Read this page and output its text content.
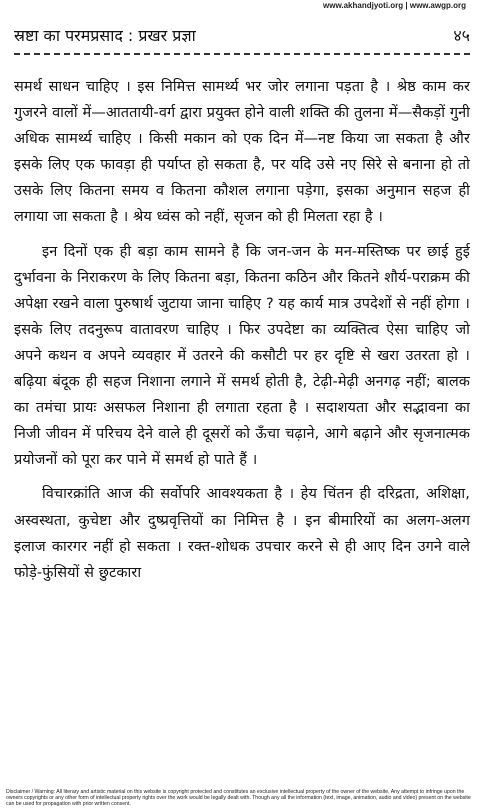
www.akhandjyoti.org | www.awgp.org
स्रष्टा का परमप्रसाद : प्रखर प्रज्ञा	४५

समर्थ साधन चाहिए । इस निमित्त सामर्थ्य भर जोर लगाना पड़ता है । श्रेष्ठ काम कर गुजरने वालों में—आततायी-वर्ग द्वारा प्रयुक्त होने वाली शक्ति की तुलना में—सैकड़ों गुनी अधिक सामर्थ्य चाहिए । किसी मकान को एक दिन में—नष्ट किया जा सकता है और इसके लिए एक फावड़ा ही पर्याप्त हो सकता है, पर यदि उसे नए सिरे से बनाना हो तो उसके लिए कितना समय व कितना कौशल लगाना पड़ेगा, इसका अनुमान सहज ही लगाया जा सकता है । श्रेय ध्वंस को नहीं, सृजन को ही मिलता रहा है ।

इन दिनों एक ही बड़ा काम सामने है कि जन-जन के मन-मस्तिष्क पर छाई हुई दुर्भावना के निराकरण के लिए कितना बड़ा, कितना कठिन और कितने शौर्य-पराक्रम की अपेक्षा रखने वाला पुरुषार्थ जुटाया जाना चाहिए ? यह कार्य मात्र उपदेशों से नहीं होगा । इसके लिए तदनुरूप वातावरण चाहिए । फिर उपदेष्टा का व्यक्तित्व ऐसा चाहिए जो अपने कथन व अपने व्यवहार में उतरने की कसौटी पर हर दृष्टि से खरा उतरता हो । बढ़िया बंदूक ही सहज निशाना लगाने में समर्थ होती है, टेढ़ी-मेढ़ी अनगढ़ नहीं; बालक का तमंचा प्रायः असफल निशाना ही लगाता रहता है । सदाशयता और सद्भावना का निजी जीवन में परिचय देने वाले ही दूसरों को ऊँचा चढ़ाने, आगे बढ़ाने और सृजनात्मक प्रयोजनों को पूरा कर पाने में समर्थ हो पाते हैं ।

विचारक्रांति आज की सर्वोपरि आवश्यकता है । हेय चिंतन ही दरिद्रता, अशिक्षा, अस्वस्थता, कुचेष्टा और दुष्प्रवृत्तियों का निमित्त है । इन बीमारियों का अलग-अलग इलाज कारगर नहीं हो सकता । रक्त-शोधक उपचार करने से ही आए दिन उगने वाले फोड़े-फुंसियों से छुटकारा

Disclaimer / Warning: All literary and artistic material on this website is copyright protected and constitutes an exclusive intellectual property of the owner of the website. Any attempt to infringe upon the owners copyrights or any other form of intellectual property rights over the work would be legally dealt with. Though any all the information (text, image, animation, audio and video) present on the website can be used for propagation with prior written consent.
